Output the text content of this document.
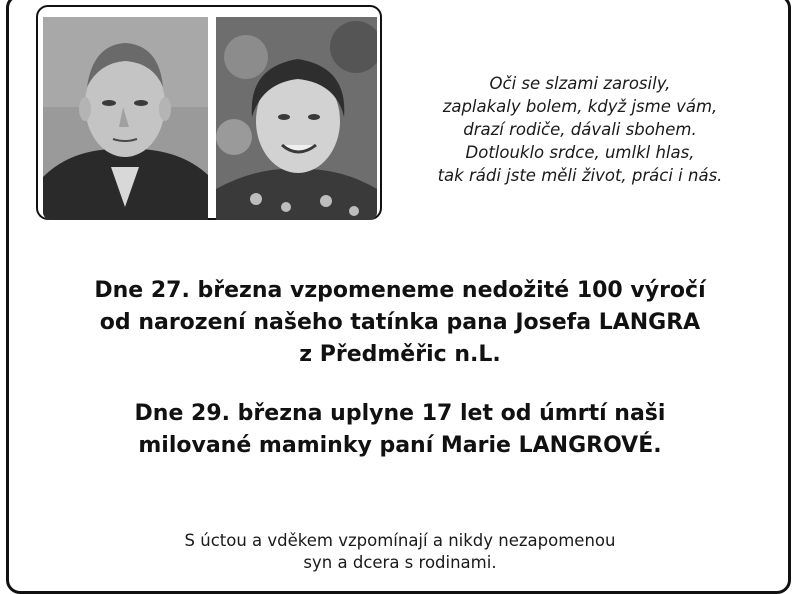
Oči se slzami zarosily,
zaplakaly bolem, když jsme vám,
drazí rodiče, dávali sbohem.
Dotlouklo srdce, umlkl hlas,
tak rádi jste měli život, práci i nás.

Dne 27. března vzpomeneme nedožité 100 výročí
od narození našeho tatínka pana Josefa LANGRA
z Předměřic n.L.

Dne 29. března uplyne 17 let od úmrtí naši
milované maminky paní Marie LANGROVÉ.

S úctou a vděkem vzpomínají a nikdy nezapomenou
syn a dcera s rodinami.
